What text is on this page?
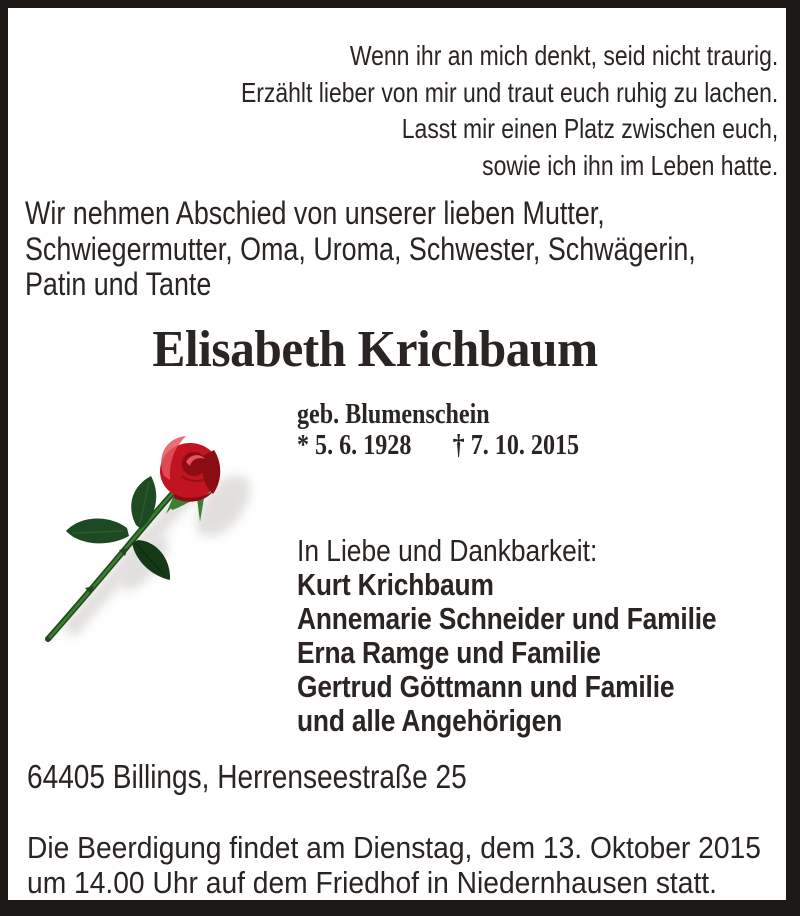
Wenn ihr an mich denkt, seid nicht traurig.
Erzählt lieber von mir und traut euch ruhig zu lachen.
Lasst mir einen Platz zwischen euch,
sowie ich ihn im Leben hatte.
Wir nehmen Abschied von unserer lieben Mutter,
Schwiegermutter, Oma, Uroma, Schwester, Schwägerin,
Patin und Tante
Elisabeth Krichbaum
geb. Blumenschein
* 5. 6. 1928 † 7. 10. 2015
In Liebe und Dankbarkeit:
Kurt Krichbaum
Annemarie Schneider und Familie
Erna Ramge und Familie
Gertrud Göttmann und Familie
und alle Angehörigen
64405 Billings, Herrenseestraße 25
Die Beerdigung findet am Dienstag, dem 13. Oktober 2015
um 14.00 Uhr auf dem Friedhof in Niedernhausen statt.
